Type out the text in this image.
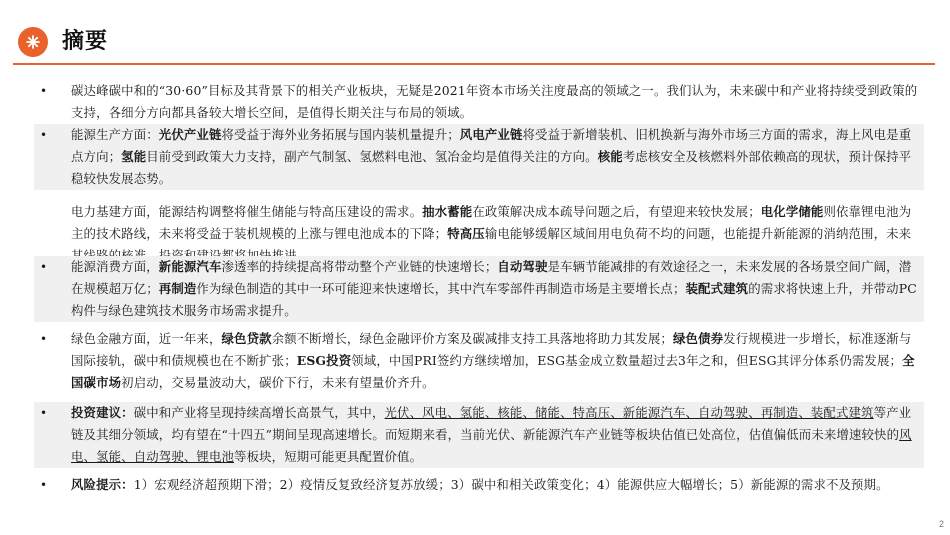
摘要
• 碳达峰碳中和的“30·60”目标及其背景下的相关产业板块，无疑是2021年资本市场关注度最高的领域之一。我们认为，未来碳中和产业将持续受到政策的支持，各细分方向都具备较大增长空间，是值得长期关注与布局的领域。
• 能源生产方面：光伏产业链将受益于海外业务拓展与国内装机量提升；风电产业链将受益于新增装机、旧机换新与海外市场三方面的需求，海上风电是重点方向；氢能目前受到政策大力支持，副产气制氢、氢燃料电池、氢冶金均是值得关注的方向。核能考虑核安全及核燃料外部依赖高的现状，预计保持平稳较快发展态势。
电力基建方面，能源结构调整将催生储能与特高压建设的需求。抽水蓄能在政策解决成本疏导问题之后，有望迎来较快发展；电化学储能则依靠锂电池为主的技术路线，未来将受益于装机规模的上涨与锂电池成本的下降；特高压输电能够缓解区域间用电负荷不均的问题，也能提升新能源的消纳范围，未来
• 能源消费方面，新能源汽车渗透率的持续提高将带动整个产业链的快速增长；自动驾驶是车辆节能减排的有效途径之一，未来发展的各场景空间广阔，潜在规模超万亿；再制造作为绿色制造的其中一环可能迎来快速增长，其中汽车零部件再制造市场是主要增长点；装配式建筑的需求将快速上升，并带动PC构件与绿色建筑技术服务市场需求提升。
• 绿色金融方面，近一年来，绿色贷款余额不断增长，绿色金融评价方案及碳减排支持工具落地将助力其发展；绿色债券发行规模进一步增长，标准逐渐与国际接轨，碳中和债规模也在不断扩张；ESG投资领域，中国PRI签约方继续增加，ESG基金成立数量超过去3年之和，但ESG其评分体系仍需发展；全国碳市场初启动，交易量波动大，碳价下行，未来有望量价齐升。
• 投资建议：碳中和产业将呈现持续高增长高景气，其中，光伏、风电、氢能、核能、储能、特高压、新能源汽车、自动驾驶、再制造、装配式建筑等产业链及其细分领域，均有望在“十四五”期间呈现高速增长。而短期来看，当前光伏、新能源汽车产业链等板块估值已处高位，估值偏低而未来增速较快的风电、氢能、自动驾驶、锂电池等板块，短期可能更具配置价值。
• 风险提示：1）宏观经济超预期下滑；2）疫情反复致经济复苏放缓；3）碳中和相关政策变化；4）能源供应大幅增长；5）新能源的需求不及预期。
2
